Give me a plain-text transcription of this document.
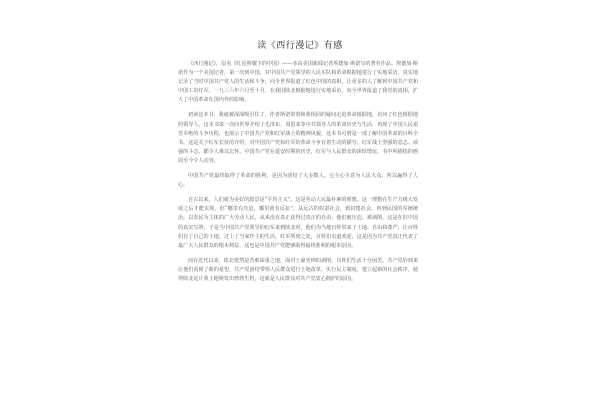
读《西行漫记》有感

《西行漫记》，原名《红星照耀下的中国》——本由美国新闻记者埃德加·斯诺写的著名作品。埃德加·斯诺作为一个美国记者，第一次到中国，对中国共产党领导的人民军队和革命根据地进行了实地采访，真实地记录了当时中国共产党人的生活和斗争，向全世界报道了红色中国的真相，让更多的人了解到中国共产党和中国工农红军。一九三六年六月至十月，在我国陕北根据地进行实地采访，向全世界报道了我党的真相，扩大了中国革命在国内外的影响。

初读这本书，我就被深深吸引住了，作者斯诺带着和我相同的疑问走进革命根据地，访问了红色根据地的领导人，这本书第一次向世界介绍了毛泽东、周恩来等中共领导人的革命历史与生活，再现了中国人民艰苦卓绝的斗争历程，也展示了中国共产党和红军战士的精神风貌，这本书可谓是一部了解中国革命的百科全书。这是关于红军长征的介绍，对中国共产党和红军的革命斗争有着生动的描写；红军战士坚强的意志、顽强的斗志，都令人难以忘怀。中国共产党在延安时期的历史，红军与人民群众的深厚情谊，书中所描绘的画面至今令人动容。

中国共产党最终取得了革命的胜利，是因为团结了大多数人，它全心全意为人民大众，所以赢得了人心。

自古以来，人们就为美好的愿景是“平均主义”。这是劳动人民最朴素的理想，这一理想在生产力极大发展之后才能实现，但“哪里有压迫，哪里就有反抗”，从远古的奴隶社会，到封建社会，再到民国的军阀统治。以农民为主体的广大劳动人民，从来没有真正获得过真正的自由，他们被压迫、被剥削，这是在旧中国的真实写照，于是当中国共产党领导的红军来到陕北时，他们为当地百姓带来了土地、自由和尊严，让百姓们有了自己的土地，过上了当家作主的生活，红军所到之处，百姓们夹道欢迎，这是因为共产党真正代表了最广大人民群众的根本利益，这也是中国共产党能够取得最终胜利的根本原因。

而在近代以来，陕北依然是苦难深重之地，面对土豪劣绅的剥削，百姓们生活十分困苦。共产党的到来让他们看到了新的希望，共产党团结带领人民群众进行土地改革，实行民主制度，建立起新的社会秩序，使得陕北这片黄土地焕发出勃勃生机，这就是人民群众对共产党衷心拥护的原因。
